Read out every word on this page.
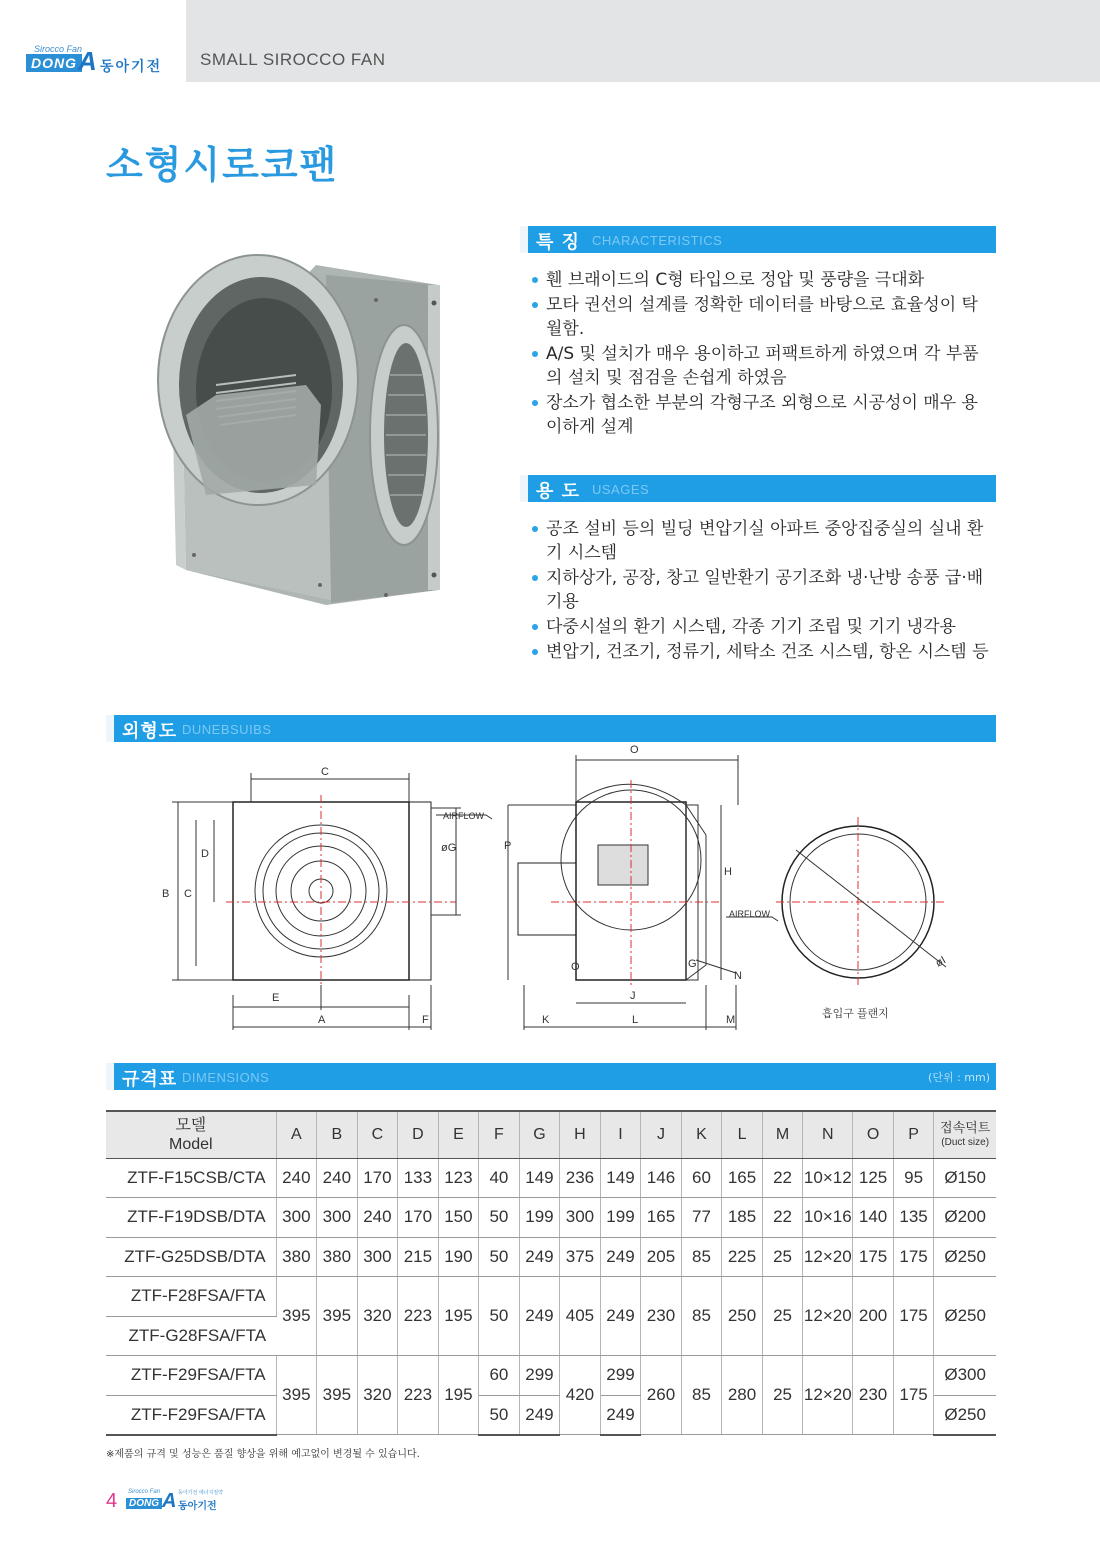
Sirocco Fan
DONG A 동아기전 SMALL SIROCCO FAN
소형시로코팬
특 징 CHARACTERISTICS
휀 브래이드의 C형 타입으로 정압 및 풍량을 극대화
모타 권선의 설계를 정확한 데이터를 바탕으로 효율성이 탁월함.
A/S 및 설치가 매우 용이하고 퍼팩트하게 하였으며 각 부품의 설치 및 점검을 손쉽게 하였음
장소가 협소한 부분의 각형구조 외형으로 시공성이 매우 용이하게 설계
용 도 USAGES
공조 설비 등의 빌딩 변압기실 아파트 중앙집중실의 실내 환기 시스템
지하상가, 공장, 창고 일반환기 공기조화 냉·난방 송풍 급·배기용
다중시설의 환기 시스템, 각종 기기 조립 및 기기 냉각용
변압기, 건조기, 정류기, 세탁소 건조 시스템, 항온 시스템 등
외형도 DUNEBSUIBS
C
D
B C
E
A	F
AIRFLOW
øG
O
P
H
AIRFLOW
O	G
N
J
K	L	M
øI
흡입구 플랜지
규격표 DIMENSIONS	(단위 : mm)
모델
Model	A	B	C	D	E	F	G	H	I	J	K	L	M	N	O	P	접속덕트
(Duct size)
ZTF-F15CSB/CTA	240	240	170	133	123	40	149	236	149	146	60	165	22	10×12	125	95	Ø150
ZTF-F19DSB/DTA	300	300	240	170	150	50	199	300	199	165	77	185	22	10×16	140	135	Ø200
ZTF-G25DSB/DTA	380	380	300	215	190	50	249	375	249	205	85	225	25	12×20	175	175	Ø250
ZTF-F28FSA/FTA	395	395	320	223	195	50	249	405	249	230	85	250	25	12×20	200	175	Ø250
ZTF-G28FSA/FTA																	
ZTF-F29FSA/FTA	395	395	320	223	195	60	299	420	299	260	85	280	25	12×20	230	175	Ø300
ZTF-F29FSA/FTA						50	249		249								Ø250
※제품의 규격 및 성능은 품질 향상을 위해 예고없이 변경될 수 있습니다.
4 Sirocco Fan
DONG A 동아기전 에너지절약
동아기전
